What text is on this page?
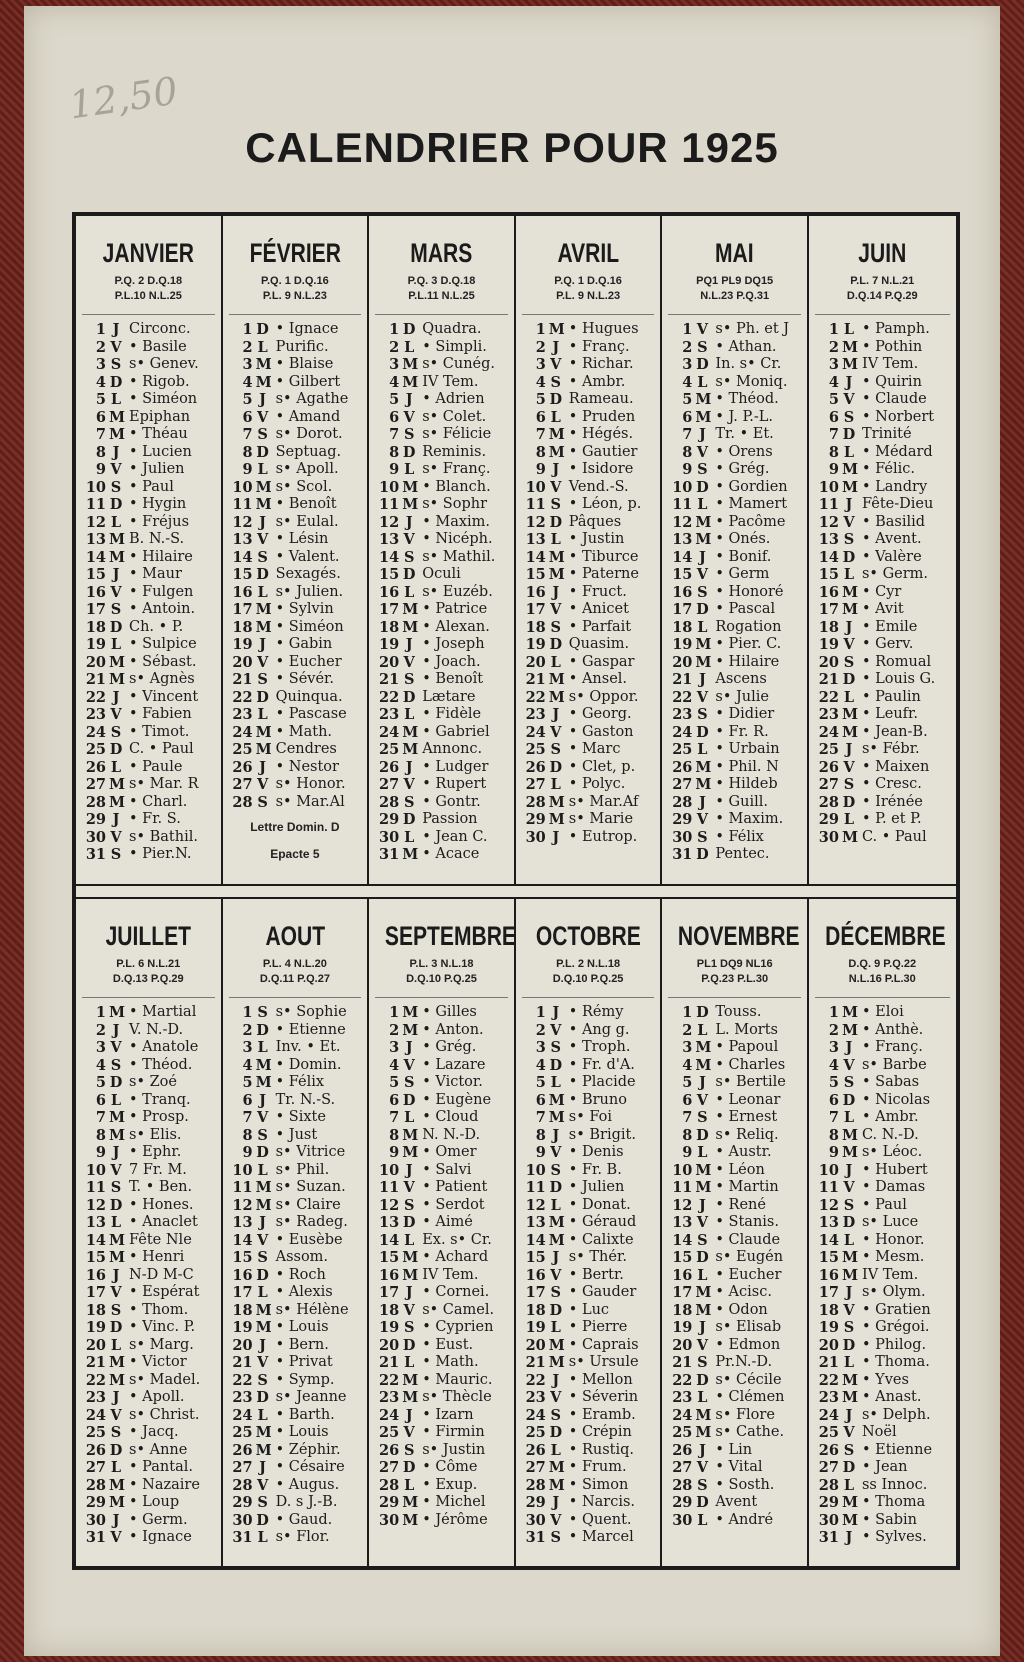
12,50
CALENDRIER POUR 1925
JANVIER
P.Q. 2 D.Q.18
P.L.10 N.L.25
1 J Circonc.
2 V • Basile
3 S s• Genev.
4 D • Rigob.
5 L • Siméon
6 M Epiphan
7 M • Théau
8 J • Lucien
9 V • Julien
10 S • Paul
11 D • Hygin
12 L • Fréjus
13 M B. N.-S.
14 M • Hilaire
15 J • Maur
16 V • Fulgen
17 S • Antoin.
18 D Ch. • P.
19 L • Sulpice
20 M • Sébast.
21 M s• Agnès
22 J • Vincent
23 V • Fabien
24 S • Timot.
25 D C. • Paul
26 L • Paule
27 M s• Mar. R
28 M • Charl.
29 J • Fr. S.
30 V s• Bathil.
31 S • Pier.N.
FÉVRIER
P.Q. 1 D.Q.16
P.L. 9 N.L.23
1 D • Ignace
2 L Purific.
3 M • Blaise
4 M • Gilbert
5 J s• Agathe
6 V • Amand
7 S s• Dorot.
8 D Septuag.
9 L s• Apoll.
10 M s• Scol.
11 M • Benoît
12 J s• Eulal.
13 V • Lésin
14 S • Valent.
15 D Sexagés.
16 L s• Julien.
17 M • Sylvin
18 M • Siméon
19 J • Gabin
20 V • Eucher
21 S • Sévér.
22 D Quinqua.
23 L • Pascase
24 M • Math.
25 M Cendres
26 J • Nestor
27 V s• Honor.
28 S s• Mar.Al
Lettre Domin. D
Epacte 5
MARS
P.Q. 3 D.Q.18
P.L.11 N.L.25
1 D Quadra.
2 L • Simpli.
3 M s• Cunég.
4 M IV Tem.
5 J • Adrien
6 V s• Colet.
7 S s• Félicie
8 D Reminis.
9 L s• Franç.
10 M • Blanch.
11 M s• Sophr
12 J • Maxim.
13 V • Nicéph.
14 S s• Mathil.
15 D Oculi
16 L s• Euzéb.
17 M • Patrice
18 M • Alexan.
19 J • Joseph
20 V • Joach.
21 S • Benoît
22 D Lætare
23 L • Fidèle
24 M • Gabriel
25 M Annonc.
26 J • Ludger
27 V • Rupert
28 S • Gontr.
29 D Passion
30 L • Jean C.
31 M • Acace
AVRIL
P.Q. 1 D.Q.16
P.L. 9 N.L.23
1 M • Hugues
2 J • Franç.
3 V • Richar.
4 S • Ambr.
5 D Rameau.
6 L • Pruden
7 M • Hégés.
8 M • Gautier
9 J • Isidore
10 V Vend.-S.
11 S • Léon, p.
12 D Pâques
13 L • Justin
14 M • Tiburce
15 M • Paterne
16 J • Fruct.
17 V • Anicet
18 S • Parfait
19 D Quasim.
20 L • Gaspar
21 M • Ansel.
22 M s• Oppor.
23 J • Georg.
24 V • Gaston
25 S • Marc
26 D • Clet, p.
27 L • Polyc.
28 M s• Mar.Af
29 M s• Marie
30 J • Eutrop.
MAI
PQ1 PL9 DQ15
N.L.23 P.Q.31
1 V s• Ph. et J
2 S • Athan.
3 D In. s• Cr.
4 L s• Moniq.
5 M • Théod.
6 M • J. P.-L.
7 J Tr. • Et.
8 V • Orens
9 S • Grég.
10 D • Gordien
11 L • Mamert
12 M • Pacôme
13 M • Onés.
14 J • Bonif.
15 V • Germ
16 S • Honoré
17 D • Pascal
18 L Rogation
19 M • Pier. C.
20 M • Hilaire
21 J Ascens
22 V s• Julie
23 S • Didier
24 D • Fr. R.
25 L • Urbain
26 M • Phil. N
27 M • Hildeb
28 J • Guill.
29 V • Maxim.
30 S • Félix
31 D Pentec.
JUIN
P.L. 7 N.L.21
D.Q.14 P.Q.29
1 L • Pamph.
2 M • Pothin
3 M IV Tem.
4 J • Quirin
5 V • Claude
6 S • Norbert
7 D Trinité
8 L • Médard
9 M • Félic.
10 M • Landry
11 J Fête-Dieu
12 V • Basilid
13 S • Avent.
14 D • Valère
15 L s• Germ.
16 M • Cyr
17 M • Avit
18 J • Emile
19 V • Gerv.
20 S • Romual
21 D • Louis G.
22 L • Paulin
23 M • Leufr.
24 M • Jean-B.
25 J s• Fébr.
26 V • Maixen
27 S • Cresc.
28 D • Irénée
29 L • P. et P.
30 M C. • Paul
JUILLET
P.L. 6 N.L.21
D.Q.13 P.Q.29
1 M • Martial
2 J V. N.-D.
3 V • Anatole
4 S • Théod.
5 D s• Zoé
6 L • Tranq.
7 M • Prosp.
8 M s• Elis.
9 J • Ephr.
10 V 7 Fr. M.
11 S T. • Ben.
12 D • Hones.
13 L • Anaclet
14 M Fête Nle
15 M • Henri
16 J N-D M-C
17 V • Espérat
18 S • Thom.
19 D • Vinc. P.
20 L s• Marg.
21 M • Victor
22 M s• Madel.
23 J • Apoll.
24 V s• Christ.
25 S • Jacq.
26 D s• Anne
27 L • Pantal.
28 M • Nazaire
29 M • Loup
30 J • Germ.
31 V • Ignace
AOUT
P.L. 4 N.L.20
D.Q.11 P.Q.27
1 S s• Sophie
2 D • Etienne
3 L Inv. • Et.
4 M • Domin.
5 M • Félix
6 J Tr. N.-S.
7 V • Sixte
8 S • Just
9 D s• Vitrice
10 L s• Phil.
11 M s• Suzan.
12 M s• Claire
13 J s• Radeg.
14 V • Eusèbe
15 S Assom.
16 D • Roch
17 L • Alexis
18 M s• Hélène
19 M • Louis
20 J • Bern.
21 V • Privat
22 S • Symp.
23 D s• Jeanne
24 L • Barth.
25 M • Louis
26 M • Zéphir.
27 J • Césaire
28 V • Augus.
29 S D. s J.-B.
30 D • Gaud.
31 L s• Flor.
SEPTEMBRE
P.L. 3 N.L.18
D.Q.10 P.Q.25
1 M • Gilles
2 M • Anton.
3 J • Grég.
4 V • Lazare
5 S • Victor.
6 D • Eugène
7 L • Cloud
8 M N. N.-D.
9 M • Omer
10 J • Salvi
11 V • Patient
12 S • Serdot
13 D • Aimé
14 L Ex. s• Cr.
15 M • Achard
16 M IV Tem.
17 J • Cornei.
18 V s• Camel.
19 S • Cyprien
20 D • Eust.
21 L • Math.
22 M • Mauric.
23 M s• Thècle
24 J • Izarn
25 V • Firmin
26 S s• Justin
27 D • Côme
28 L • Exup.
29 M • Michel
30 M • Jérôme
OCTOBRE
P.L. 2 N.L.18
D.Q.10 P.Q.25
1 J • Rémy
2 V • Ang g.
3 S • Troph.
4 D • Fr. d'A.
5 L • Placide
6 M • Bruno
7 M s• Foi
8 J s• Brigit.
9 V • Denis
10 S • Fr. B.
11 D • Julien
12 L • Donat.
13 M • Géraud
14 M • Calixte
15 J s• Thér.
16 V • Bertr.
17 S • Gauder
18 D • Luc
19 L • Pierre
20 M • Caprais
21 M s• Ursule
22 J • Mellon
23 V • Séverin
24 S • Eramb.
25 D • Crépin
26 L • Rustiq.
27 M • Frum.
28 M • Simon
29 J • Narcis.
30 V • Quent.
31 S • Marcel
NOVEMBRE
PL1 DQ9 NL16
P.Q.23 P.L.30
1 D Touss.
2 L L. Morts
3 M • Papoul
4 M • Charles
5 J s• Bertile
6 V • Leonar
7 S • Ernest
8 D s• Reliq.
9 L • Austr.
10 M • Léon
11 M • Martin
12 J • René
13 V • Stanis.
14 S • Claude
15 D s• Eugén
16 L • Eucher
17 M • Acisc.
18 M • Odon
19 J s• Elisab
20 V • Edmon
21 S Pr.N.-D.
22 D s• Cécile
23 L • Clémen
24 M s• Flore
25 M s• Cathe.
26 J • Lin
27 V • Vital
28 S • Sosth.
29 D Avent
30 L • André
DÉCEMBRE
D.Q. 9 P.Q.22
N.L.16 P.L.30
1 M • Eloi
2 M • Anthè.
3 J • Franç.
4 V s• Barbe
5 S • Sabas
6 D • Nicolas
7 L • Ambr.
8 M C. N.-D.
9 M s• Léoc.
10 J • Hubert
11 V • Damas
12 S • Paul
13 D s• Luce
14 L • Honor.
15 M • Mesm.
16 M IV Tem.
17 J s• Olym.
18 V • Gratien
19 S • Grégoi.
20 D • Philog.
21 L • Thoma.
22 M • Yves
23 M • Anast.
24 J s• Delph.
25 V Noël
26 S • Etienne
27 D • Jean
28 L ss Innoc.
29 M • Thoma
30 M • Sabin
31 J • Sylves.
